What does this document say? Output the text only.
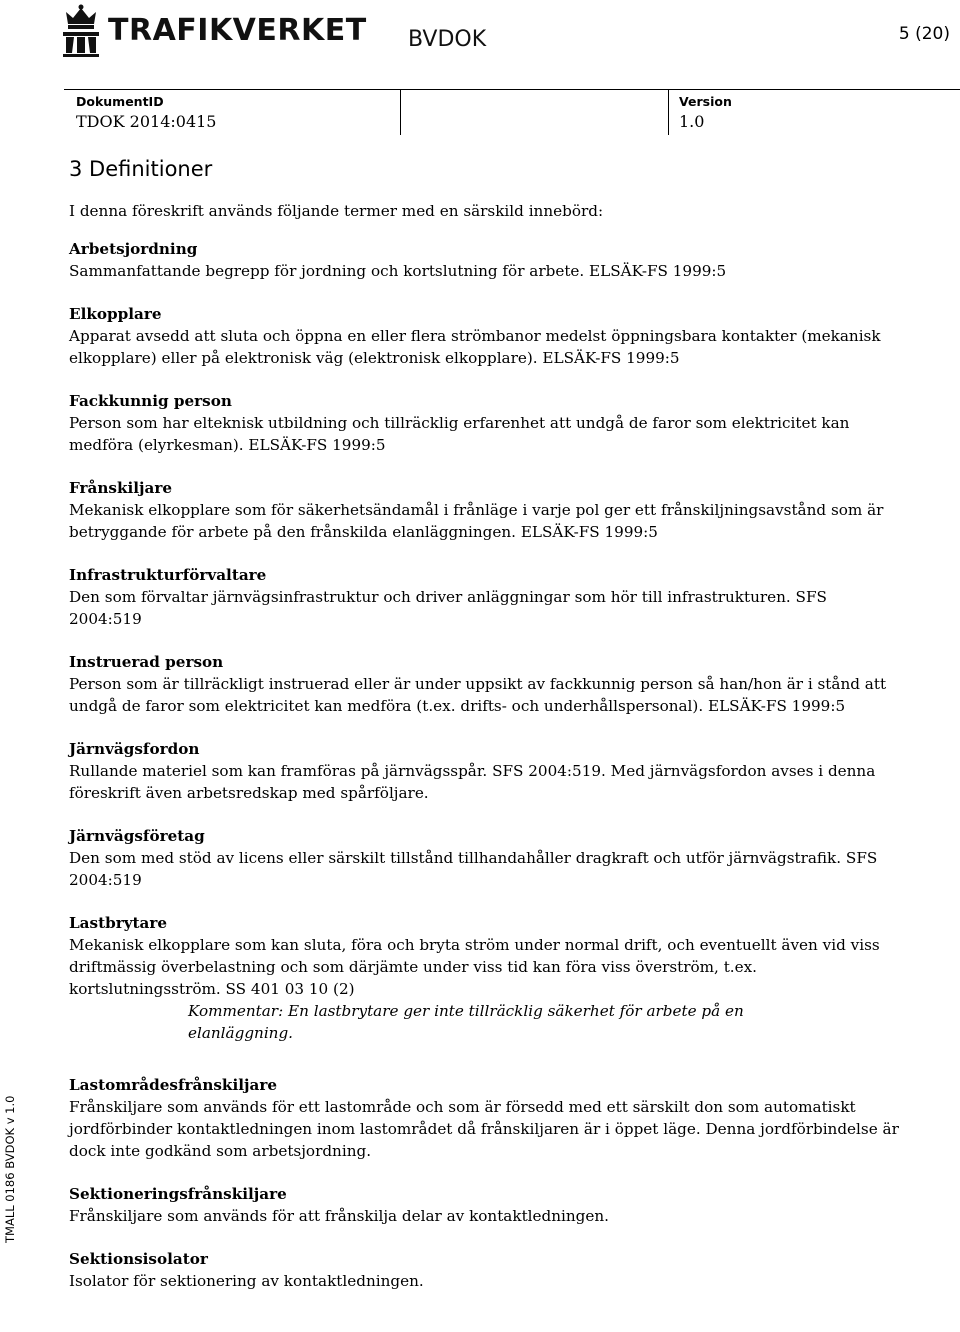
TRAFIKVERKET BVDOK	5 (20)
DokumentID
TDOK 2014:0415
Version
1.0
3 Definitioner

I denna föreskrift används följande termer med en särskild innebörd:

Arbetsjordning

Sammanfattande begrepp för jordning och kortslutning för arbete. ELSÄK-FS 1999:5

Elkopplare

Apparat avsedd att sluta och öppna en eller flera strömbanor medelst öppningsbara kontakter (mekanisk elkopplare) eller på elektronisk väg (elektronisk elkopplare). ELSÄK-FS 1999:5

Fackkunnig person

Person som har elteknisk utbildning och tillräcklig erfarenhet att undgå de faror som elektricitet kan medföra (elyrkesman). ELSÄK-FS 1999:5

Frånskiljare

Mekanisk elkopplare som för säkerhetsändamål i frånläge i varje pol ger ett frånskiljningsavstånd som är betryggande för arbete på den frånskilda elanläggningen. ELSÄK-FS 1999:5

Infrastrukturförvaltare

Den som förvaltar järnvägsinfrastruktur och driver anläggningar som hör till infrastrukturen. SFS 2004:519

Instruerad person

Person som är tillräckligt instruerad eller är under uppsikt av fackkunnig person så han/hon är i stånd att undgå de faror som elektricitet kan medföra (t.ex. drifts- och underhållspersonal). ELSÄK-FS 1999:5

Järnvägsfordon

Rullande materiel som kan framföras på järnvägsspår. SFS 2004:519. Med järnvägsfordon avses i denna föreskrift även arbetsredskap med spårföljare.

Järnvägsföretag

Den som med stöd av licens eller särskilt tillstånd tillhandahåller dragkraft och utför järnvägstrafik. SFS 2004:519

Lastbrytare

Mekanisk elkopplare som kan sluta, föra och bryta ström under normal drift, och eventuellt även vid viss driftmässig överbelastning och som därjämte under viss tid kan föra viss överström, t.ex. kortslutningsström. SS 401 03 10 (2)

Kommentar: En lastbrytare ger inte tillräcklig säkerhet för arbete på en elanläggning.

Lastområdesfrånskiljare

Frånskiljare som används för ett lastområde och som är försedd med ett särskilt don som automatiskt jordförbinder kontaktledningen inom lastområdet då frånskiljaren är i öppet läge. Denna jordförbindelse är dock inte godkänd som arbetsjordning.

Sektioneringsfrånskiljare

Frånskiljare som används för att frånskilja delar av kontaktledningen.

Sektionsisolator

Isolator för sektionering av kontaktledningen.

TMALL 0186 BVDOK v 1.0
